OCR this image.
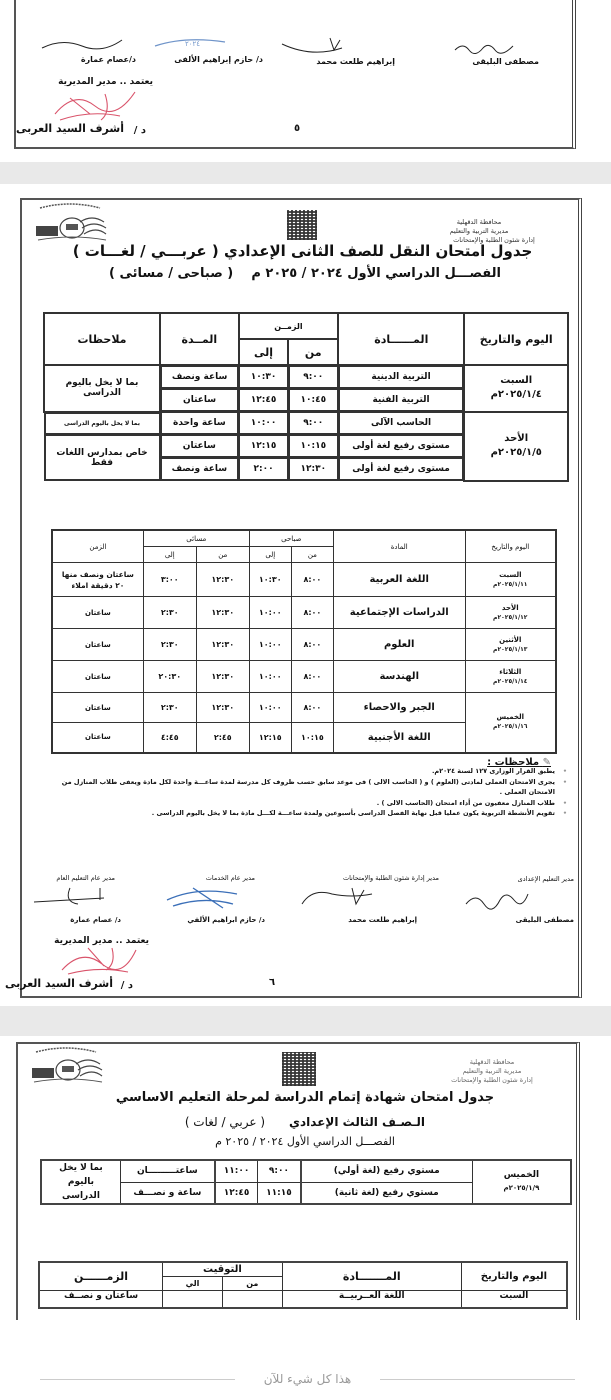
٢٠٢٤
مصطفى البليقى
إبراهيم طلعت محمد
د/ حازم إبراهيم الألفى
د/عصام عمارة
يعتمد .. مدير المديرية
د /
أشرف السيد العربى	٥
محافظة الدقهلية
مديرية التربية والتعليم
إدارة شئون الطلبة والإمتحانات
جدول امتحان النقل للصف الثانى الإعدادي ( عربـــي / لغـــات )
الفصـــل الدراسي الأول ٢٠٢٤ / ٢٠٢٥ م    ( صباحى / مسائى )
اليوم والتاريخ	المــــــادة	الزمــن		المــدة	ملاحظات
		من	إلى		

السبت
٢٠٢٥/١/٤م	التربية الدينية	٩:٠٠	١٠:٣٠	ساعة ونصف	بما لا يخل باليوم الدراسى
	التربية الفنية	١٠:٤٥	١٢:٤٥	ساعتان	

الأحد
٢٠٢٥/١/٥م	الحاسب الآلى	٩:٠٠	١٠:٠٠	ساعة واحدة	بما لا يخل باليوم الدراسى
	مستوى رفيع لغة أولى	١٠:١٥	١٢:١٥	ساعتان	خاص بمدارس اللغات فقط
	مستوى رفيع لغة أولى	١٢:٣٠	٢:٠٠	ساعة ونصف	
اليوم والتاريخ	المادة	صباحى		مسائى		الزمن
		من	إلى	من	إلى	

السبت
٢٠٢٥/١/١١م	اللغة العربية	٨:٠٠	١٠:٣٠	١٢:٣٠	٣:٠٠	ساعتان ونصف منها ٢٠ دقيقة املاء

الأحد
٢٠٢٥/١/١٢م	الدراسات الإجتماعية	٨:٠٠	١٠:٠٠	١٢:٣٠	٢:٣٠	ساعتان

الأثنين
٢٠٢٥/١/١٣م	العلوم	٨:٠٠	١٠:٠٠	١٢:٣٠	٢:٣٠	ساعتان

الثلاثاء
٢٠٢٥/١/١٤م	الهندسة	٨:٠٠	١٠:٠٠	١٢:٣٠	٢٠:٣٠	ساعتان

الخميس
٢٠٢٥/١/١٦م	الجبر والاحصاء	٨:٠٠	١٠:٠٠	١٢:٣٠	٢:٣٠	ساعتان
	اللغة الأجنبية	١٠:١٥	١٢:١٥	٢:٤٥	٤:٤٥	ساعتان
✎ ملاحظات :
• يطبق القرار الوزارى ١٢٧ لسنة ٢٠٢٤م.
• يجرى الامتحان العملى لمادتى (العلوم ) و ( الحاسب الالى ) فى موعد سابق حسب ظروف كل مدرسة لمدة ساعـــة واحدة لكل مادة ويعفى طلاب المنازل من الامتحان العملى .
• طلاب المنازل معفيون من أداء امتحان (الحاسب الالى ) .
• تقويم الأنشطة التربوية يكون عمليا قبل نهاية الفصل الدراسى بأسبوعين ولمدة ساعـــة لكـــل مادة بما لا يخل باليوم الدراسى .
مدير التعليم الإعدادى
مدير إدارة شئون الطلبة والإمتحانات
مدير عام الخدمات
مدير عام التعليم العام
مصطفى البليقى
إبراهيم طلعت محمد
د/ حازم ابراهيم الألفي
د/ عصام عمارة
يعتمد .. مدير المديرية
د /
أشرف السيد العربى	٦
محافظة الدقهلية
مديرية التربية والتعليم
إدارة شئون الطلبة والإمتحانات
جدول امتحان شهادة إتمام الدراسة لمرحلة التعليم الاساسي
الـصـف الثالث الإعدادي
( عربي / لغات )
الفصـــل الدراسي الأول ٢٠٢٤ / ٢٠٢٥ م
الخميس
٢٠٢٥/١/٩م	مستوي رفيع (لغة أولي)	٩:٠٠	١١:٠٠	ساعتـــــــــان	بما لا يخل باليوم الدراسى
	مستوي رفيع (لغة ثانية)	١١:١٥	١٢:٤٥	ساعة و نصـــف	
اليوم والتاريخ	المـــــــادة	التوقيت		الزمــــــن
		من	الي	
السبت	اللغة العــربيــة			ساعتان و نصــف
هذا كل شيء للآن
